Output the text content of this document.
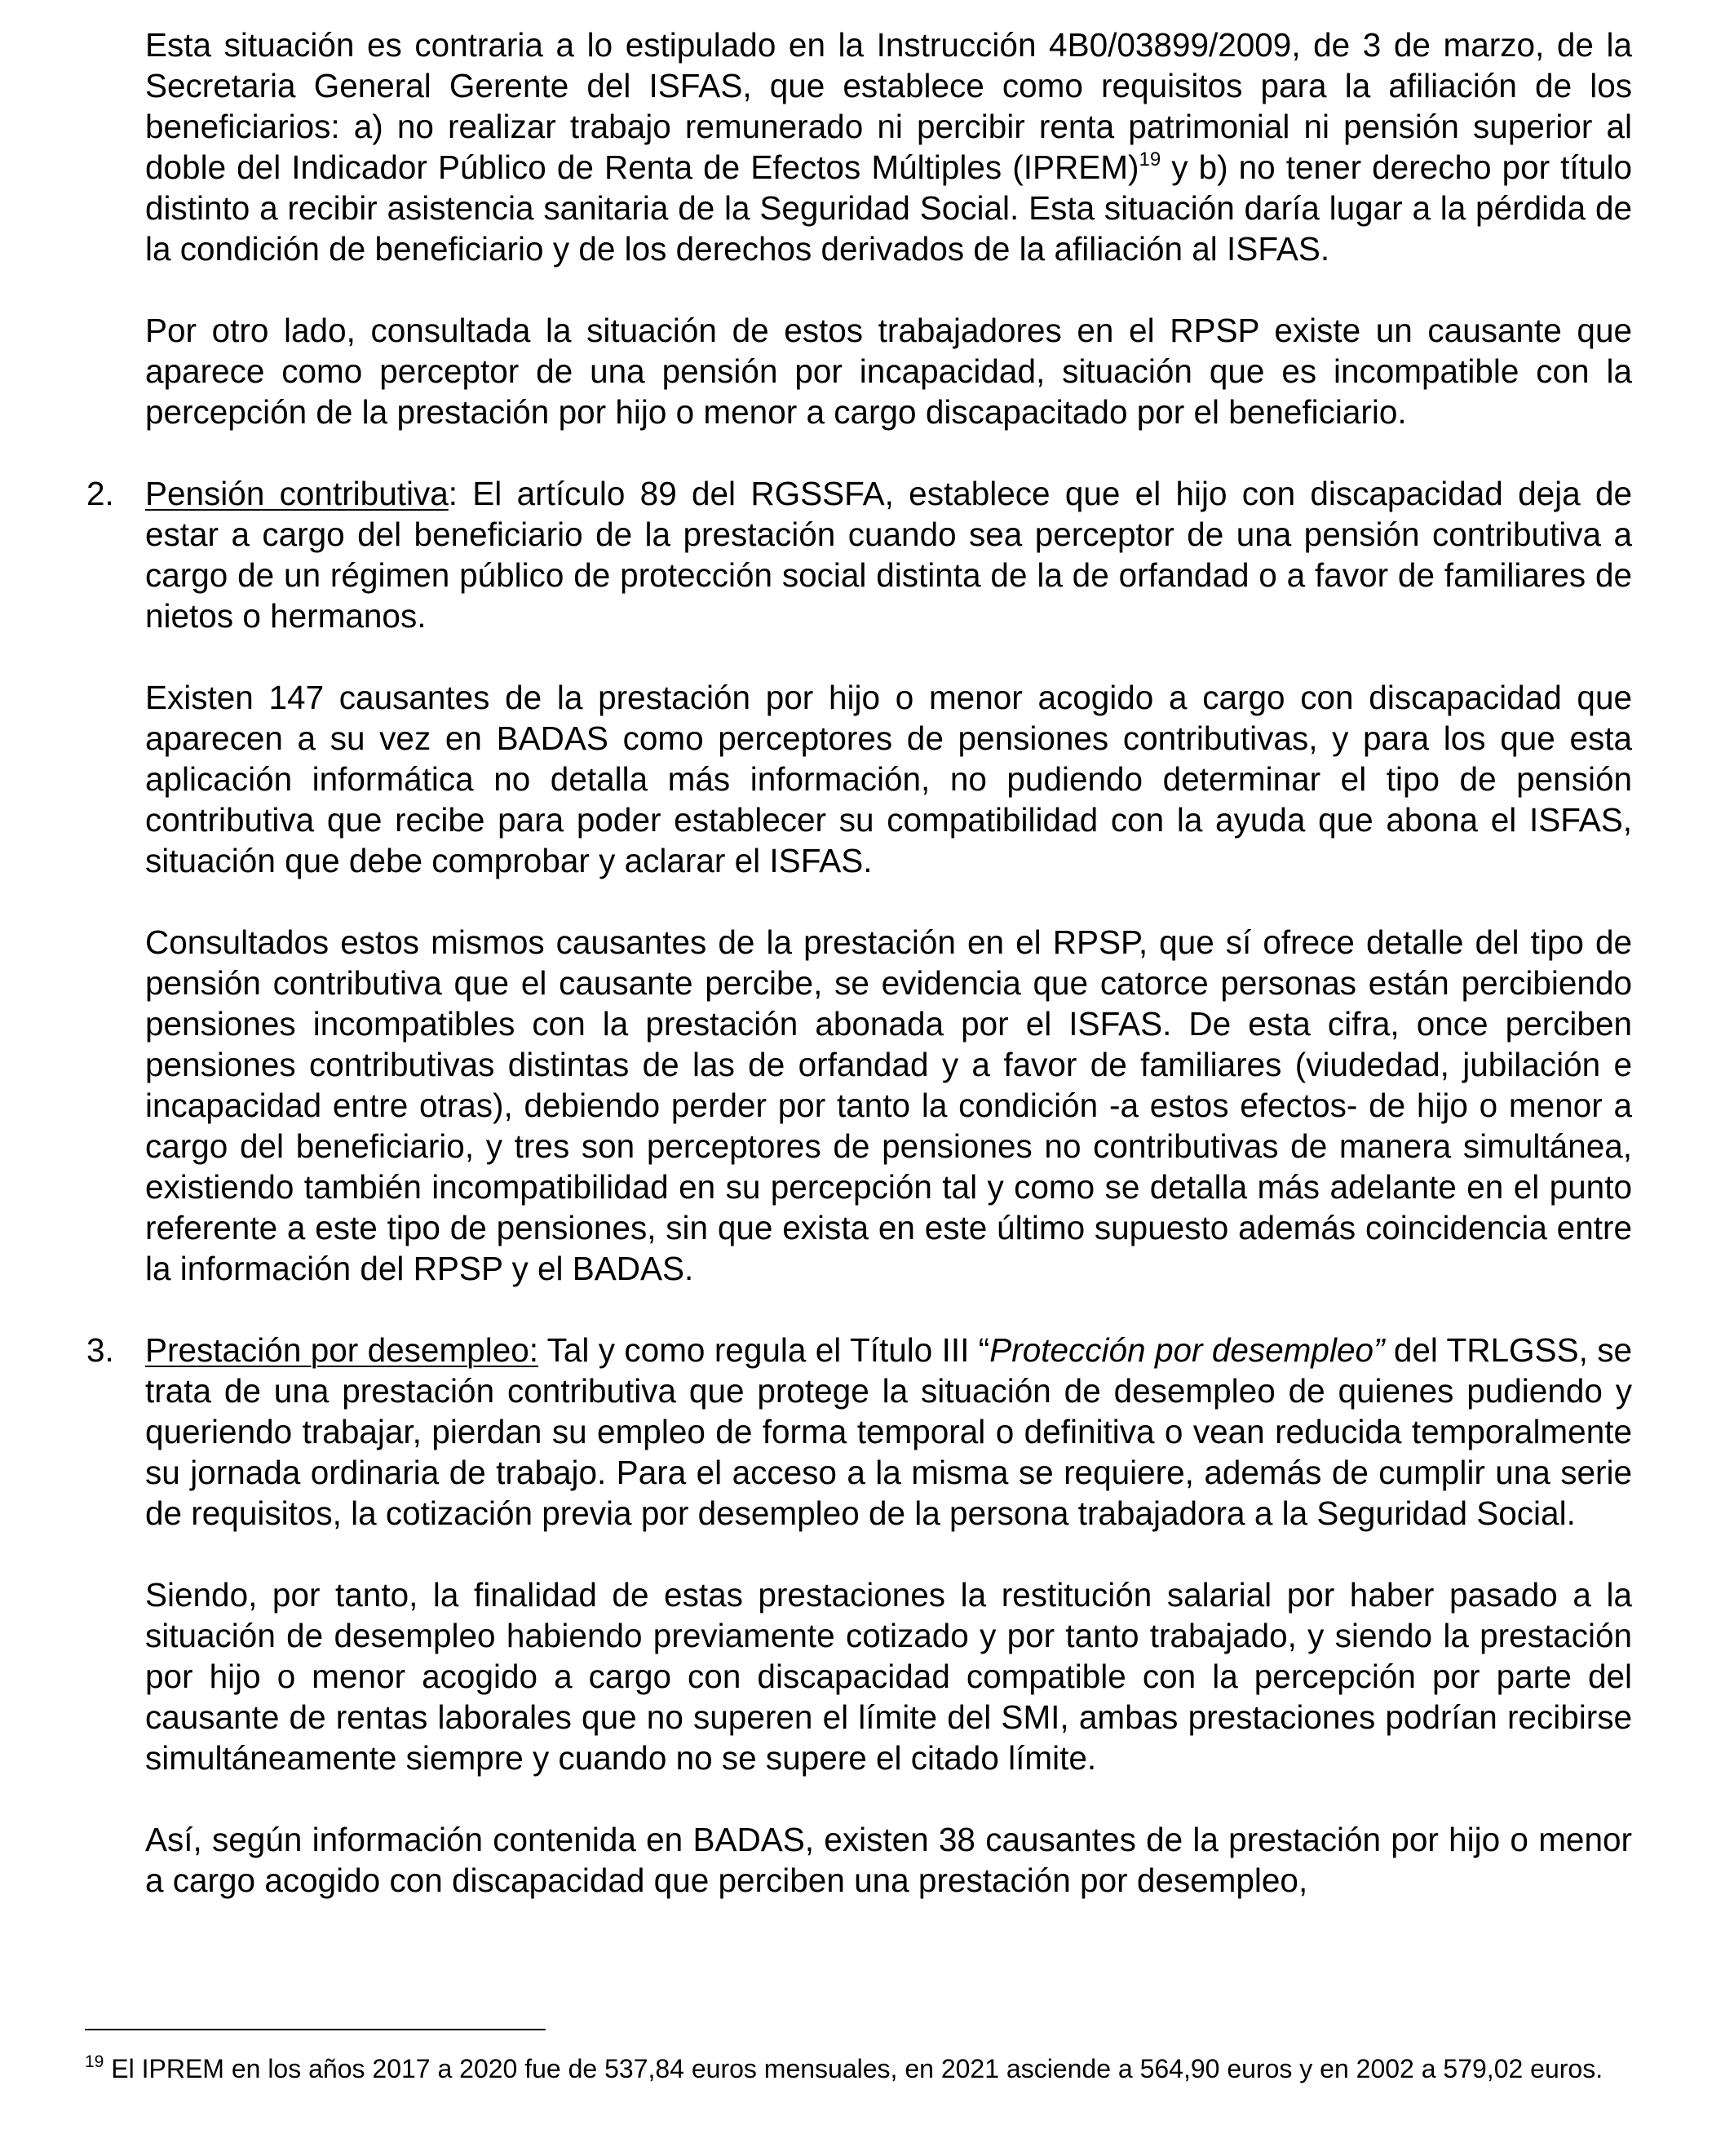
Esta situación es contraria a lo estipulado en la Instrucción 4B0/03899/2009, de 3 de marzo, de la Secretaria General Gerente del ISFAS, que establece como requisitos para la afiliación de los beneficiarios: a) no realizar trabajo remunerado ni percibir renta patrimonial ni pensión superior al doble del Indicador Público de Renta de Efectos Múltiples (IPREM)$^{19}$ y b) no tener derecho por título distinto a recibir asistencia sanitaria de la Seguridad Social. Esta situación daría lugar a la pérdida de la condición de beneficiario y de los derechos derivados de la afiliación al ISFAS.

Por otro lado, consultada la situación de estos trabajadores en el RPSP existe un causante que aparece como perceptor de una pensión por incapacidad, situación que es incompatible con la percepción de la prestación por hijo o menor a cargo discapacitado por el beneficiario.

2. Pensión contributiva: El artículo 89 del RGSSFA, establece que el hijo con discapacidad deja de estar a cargo del beneficiario de la prestación cuando sea perceptor de una pensión contributiva a cargo de un régimen público de protección social distinta de la de orfandad o a favor de familiares de nietos o hermanos.

Existen 147 causantes de la prestación por hijo o menor acogido a cargo con discapacidad que aparecen a su vez en BADAS como perceptores de pensiones contributivas, y para los que esta aplicación informática no detalla más información, no pudiendo determinar el tipo de pensión contributiva que recibe para poder establecer su compatibilidad con la ayuda que abona el ISFAS, situación que debe comprobar y aclarar el ISFAS.

Consultados estos mismos causantes de la prestación en el RPSP, que sí ofrece detalle del tipo de pensión contributiva que el causante percibe, se evidencia que catorce personas están percibiendo pensiones incompatibles con la prestación abonada por el ISFAS. De esta cifra, once perciben pensiones contributivas distintas de las de orfandad y a favor de familiares (viudedad, jubilación e incapacidad entre otras), debiendo perder por tanto la condición -a estos efectos- de hijo o menor a cargo del beneficiario, y tres son perceptores de pensiones no contributivas de manera simultánea, existiendo también incompatibilidad en su percepción tal y como se detalla más adelante en el punto referente a este tipo de pensiones, sin que exista en este último supuesto además coincidencia entre la información del RPSP y el BADAS.

3. Prestación por desempleo: Tal y como regula el Título III “Protección por desempleo” del TRLGSS, se trata de una prestación contributiva que protege la situación de desempleo de quienes pudiendo y queriendo trabajar, pierdan su empleo de forma temporal o definitiva o vean reducida temporalmente su jornada ordinaria de trabajo. Para el acceso a la misma se requiere, además de cumplir una serie de requisitos, la cotización previa por desempleo de la persona trabajadora a la Seguridad Social.

Siendo, por tanto, la finalidad de estas prestaciones la restitución salarial por haber pasado a la situación de desempleo habiendo previamente cotizado y por tanto trabajado, y siendo la prestación por hijo o menor acogido a cargo con discapacidad compatible con la percepción por parte del causante de rentas laborales que no superen el límite del SMI, ambas prestaciones podrían recibirse simultáneamente siempre y cuando no se supere el citado límite.

Así, según información contenida en BADAS, existen 38 causantes de la prestación por hijo o menor a cargo acogido con discapacidad que perciben una prestación por desempleo,

$^{19}$ El IPREM en los años 2017 a 2020 fue de 537,84 euros mensuales, en 2021 asciende a 564,90 euros y en 2002 a 579,02 euros.
